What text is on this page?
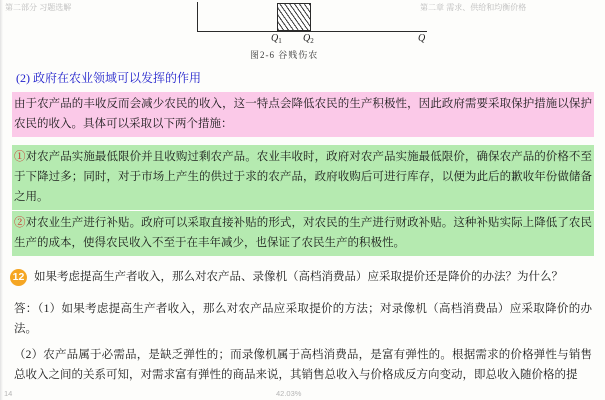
第二部分 习题选解	第二章 需求、供给和均衡价格
$Q_1$ $Q_2$	Q
图2-6 谷贱伤农
(2) 政府在农业领域可以发挥的作用
由于农产品的丰收反而会减少农民的收入，这一特点会降低农民的生产积极性，因此政府需要采取保护措施以保护农民的收入。具体可以采取以下两个措施：
①对农产品实施最低限价并且收购过剩农产品。农业丰收时，政府对农产品实施最低限价，确保农产品的价格不至于下降过多；同时，对于市场上产生的供过于求的农产品，政府收购后可进行库存，以便为此后的歉收年份做储备之用。
②对农业生产进行补贴。政府可以采取直接补贴的形式，对农民的生产进行财政补贴。这种补贴实际上降低了农民生产的成本，使得农民收入不至于在丰年减少，也保证了农民生产的积极性。
12 如果考虑提高生产者收入，那么对农产品、录像机（高档消费品）应采取提价还是降价的办法？为什么？
答：（1）如果考虑提高生产者收入，那么对农产品应采取提价的方法；对录像机（高档消费品）应采取降价的办法。
（2）农产品属于必需品，是缺乏弹性的；而录像机属于高档消费品，是富有弹性的。根据需求的价格弹性与销售总收入之间的关系可知，对需求富有弹性的商品来说，其销售总收入与价格成反方向变动，即总收入随价格的提
14	42.03%
